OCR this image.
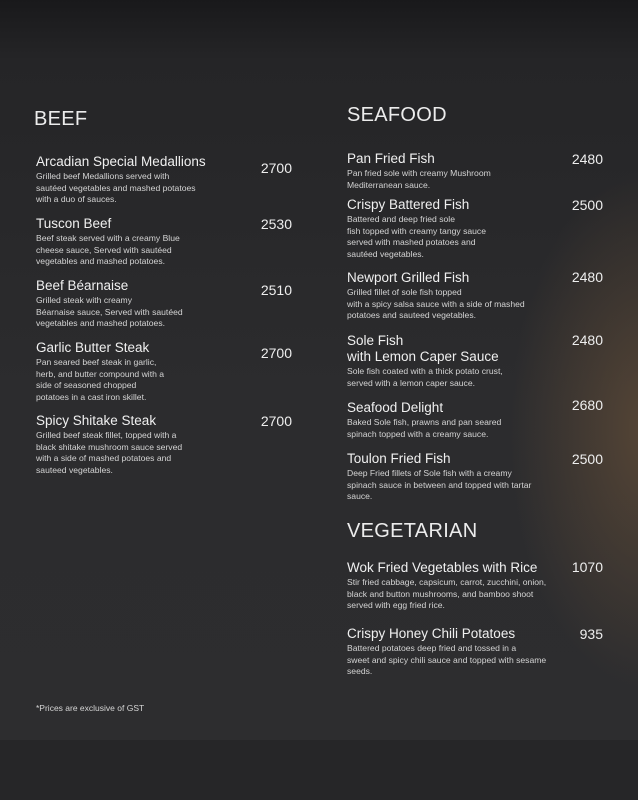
BEEF
Arcadian Special Medallions
Grilled beef Medallions served with
sautéed vegetables and mashed potatoes
with a duo of sauces.
2700
Tuscon Beef
Beef steak served with a creamy Blue
cheese sauce, Served with sautéed
vegetables and mashed potatoes.
2530
Beef Béarnaise
Grilled steak with creamy
Béarnaise sauce, Served with sautéed
vegetables and mashed potatoes.
2510
Garlic Butter Steak
Pan seared beef steak in garlic,
herb, and butter compound with a
side of seasoned chopped
potatoes in a cast iron skillet.
2700
Spicy Shitake Steak
Grilled beef steak fillet, topped with a
black shitake mushroom sauce served
with a side of mashed potatoes and
sauteed vegetables.
2700
SEAFOOD
Pan Fried Fish
Pan fried sole with creamy Mushroom
Mediterranean sauce.
2480
Crispy Battered Fish
Battered and deep fried sole
fish topped with creamy tangy sauce
served with mashed potatoes and
sautéed vegetables.
2500
Newport Grilled Fish
Grilled fillet of sole fish topped
with a spicy salsa sauce with a side of mashed
potatoes and sauteed vegetables.
2480
Sole Fish
with Lemon Caper Sauce
Sole fish coated with a thick potato crust,
served with a lemon caper sauce.
2480
Seafood Delight
Baked Sole fish, prawns and pan seared
spinach topped with a creamy sauce.
2680
Toulon Fried Fish
Deep Fried fillets of Sole fish with a creamy
spinach sauce in between and topped with tartar
sauce.
2500
VEGETARIAN
Wok Fried Vegetables with Rice
Stir fried cabbage, capsicum, carrot, zucchini, onion,
black and button mushrooms, and bamboo shoot
served with egg fried rice.
1070
Crispy Honey Chili Potatoes
Battered potatoes deep fried and tossed in a
sweet and spicy chili sauce and topped with sesame
seeds.
935
*Prices are exclusive of GST
